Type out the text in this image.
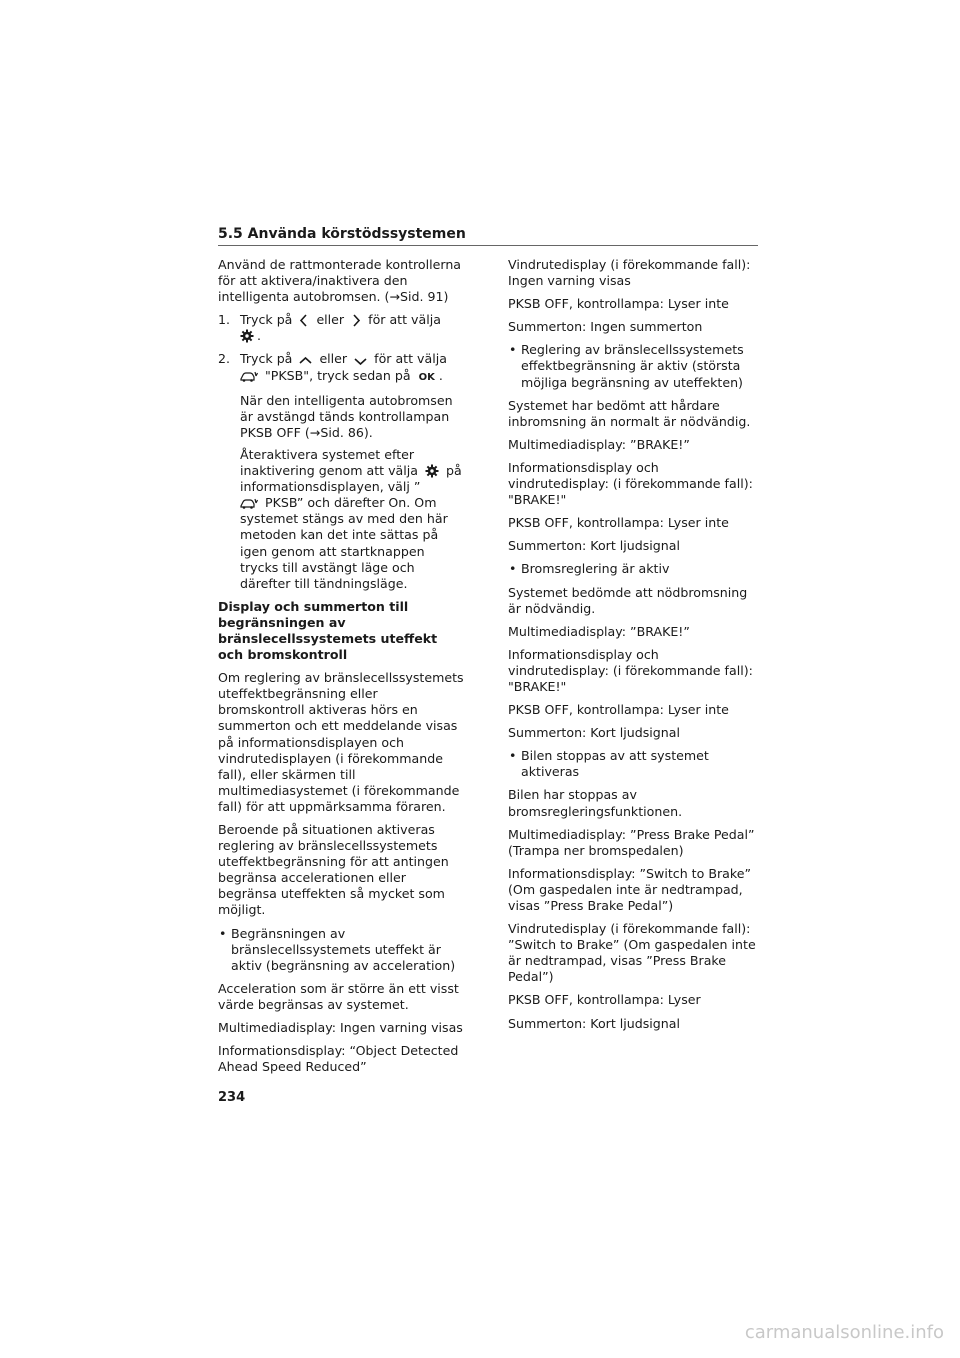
5.5 Använda körstödssystemen

Använd de rattmonterade kontrollerna för att aktivera/inaktivera den intelligenta autobromsen. (→Sid. 91)

1. Tryck på eller för att välja
.
2. Tryck på eller för att välja
"PKSB", tryck sedan på OK .

När den intelligenta autobromsen är avstängd tänds kontrollampan PKSB OFF (→Sid. 86).

Återaktivera systemet efter inaktivering genom att välja på informationsdisplayen, välj ”
PKSB” och därefter On. Om systemet stängs av med den här metoden kan det inte sättas på igen genom att startknappen trycks till avstängt läge och därefter till tändningsläge.

Display och summerton till begränsningen av bränslecellssystemets uteffekt och bromskontroll

Om reglering av bränslecellssystemets uteffektbegränsning eller bromskontroll aktiveras hörs en summerton och ett meddelande visas på informationsdisplayen och vindrutedisplayen (i förekommande fall), eller skärmen till multimediasystemet (i förekommande fall) för att uppmärksamma föraren.

Beroende på situationen aktiveras reglering av bränslecellssystemets uteffektbegränsning för att antingen begränsa accelerationen eller begränsa uteffekten så mycket som möjligt.

• Begränsningen av bränslecellssystemets uteffekt är aktiv (begränsning av acceleration)

Acceleration som är större än ett visst värde begränsas av systemet.

Multimediadisplay: Ingen varning visas

Informationsdisplay: “Object Detected Ahead Speed Reduced”

Vindrutedisplay (i förekommande fall): Ingen varning visas

PKSB OFF, kontrollampa: Lyser inte

Summerton: Ingen summerton

• Reglering av bränslecellssystemets effektbegränsning är aktiv (största möjliga begränsning av uteffekten)

Systemet har bedömt att hårdare inbromsning än normalt är nödvändig.

Multimediadisplay: ”BRAKE!”

Informationsdisplay och vindrutedisplay: (i förekommande fall): "BRAKE!"

PKSB OFF, kontrollampa: Lyser inte

Summerton: Kort ljudsignal

• Bromsreglering är aktiv

Systemet bedömde att nödbromsning är nödvändig.

Multimediadisplay: ”BRAKE!”

Informationsdisplay och vindrutedisplay: (i förekommande fall): "BRAKE!"

PKSB OFF, kontrollampa: Lyser inte

Summerton: Kort ljudsignal

• Bilen stoppas av att systemet aktiveras

Bilen har stoppas av bromsregleringsfunktionen.

Multimediadisplay: ”Press Brake Pedal” (Trampa ner bromspedalen)

Informationsdisplay: ”Switch to Brake” (Om gaspedalen inte är nedtrampad, visas ”Press Brake Pedal”)

Vindrutedisplay (i förekommande fall): ”Switch to Brake” (Om gaspedalen inte är nedtrampad, visas ”Press Brake Pedal”)

PKSB OFF, kontrollampa: Lyser

Summerton: Kort ljudsignal

234
carmanualsonline.info
